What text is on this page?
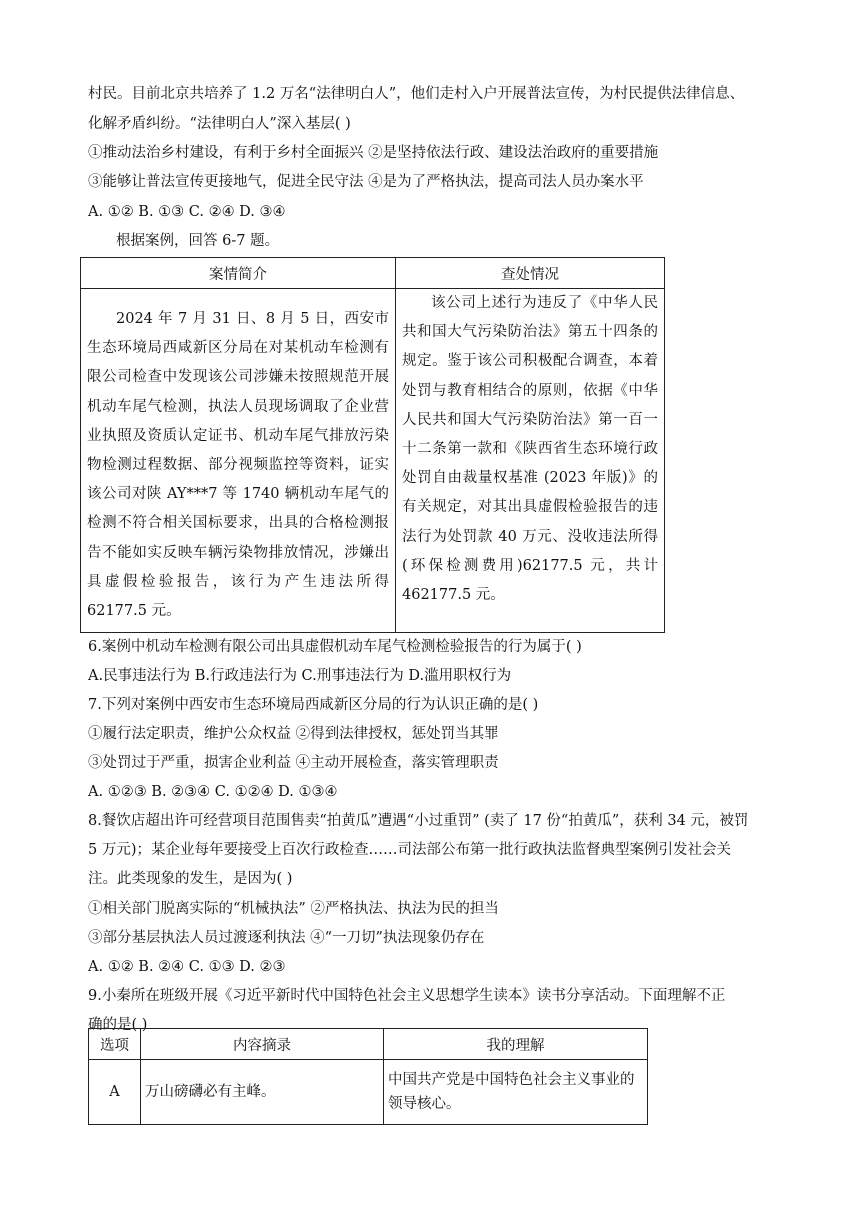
村民。目前北京共培养了 1.2 万名“法律明白人”，他们走村入户开展普法宣传，为村民提供法律信息、
化解矛盾纠纷。“法律明白人”深入基层( )
①推动法治乡村建设，有利于乡村全面振兴 ②是坚持依法行政、建设法治政府的重要措施
③能够让普法宣传更接地气，促进全民守法 ④是为了严格执法，提高司法人员办案水平
A. ①② B. ①③ C. ②④ D. ③④
根据案例，回答 6-7 题。
案情简介	查处情况

2024 年 7 月 31 日、8 月 5 日，西安市生态环境局西咸新区分局在对某机动车检测有限公司检查中发现该公司涉嫌未按照规范开展机动车尾气检测，执法人员现场调取了企业营业执照及资质认定证书、机动车尾气排放污染物检测过程数据、部分视频监控等资料，证实该公司对陕 AY***7 等 1740 辆机动车尾气的检测不符合相关国标要求，出具的合格检测报告不能如实反映车辆污染物排放情况，涉嫌出具虚假检验报告，该行为产生违法所得 62177.5 元。	该公司上述行为违反了《中华人民共和国大气污染防治法》第五十四条的规定。鉴于该公司积极配合调查，本着处罚与教育相结合的原则，依据《中华人民共和国大气污染防治法》第一百一十二条第一款和《陕西省生态环境行政处罚自由裁量权基准 (2023 年版)》的有关规定，对其出具虚假检验报告的违法行为处罚款 40 万元、没收违法所得(环保检测费用)62177.5 元，共计 462177.5 元。
6.案例中机动车检测有限公司出具虚假机动车尾气检测检验报告的行为属于( )
A.民事违法行为 B.行政违法行为 C.刑事违法行为 D.滥用职权行为
7.下列对案例中西安市生态环境局西咸新区分局的行为认识正确的是( )
①履行法定职责，维护公众权益 ②得到法律授权，惩处罚当其罪
③处罚过于严重，损害企业利益 ④主动开展检查，落实管理职责
A. ①②③ B. ②③④ C. ①②④ D. ①③④
8.餐饮店超出许可经营项目范围售卖“拍黄瓜”遭遇“小过重罚” (卖了 17 份“拍黄瓜”，获利 34 元，被罚
5 万元)；某企业每年要接受上百次行政检查……司法部公布第一批行政执法监督典型案例引发社会关
注。此类现象的发生，是因为( )
①相关部门脱离实际的“机械执法” ②严格执法、执法为民的担当
③部分基层执法人员过渡逐利执法 ④“一刀切”执法现象仍存在
A. ①② B. ②④ C. ①③ D. ②③
9.小秦所在班级开展《习近平新时代中国特色社会主义思想学生读本》读书分享活动。下面理解不正
确的是( )
选项	内容摘录	我的理解
A	万山磅礴必有主峰。	中国共产党是中国特色社会主义事业的领导核心。
